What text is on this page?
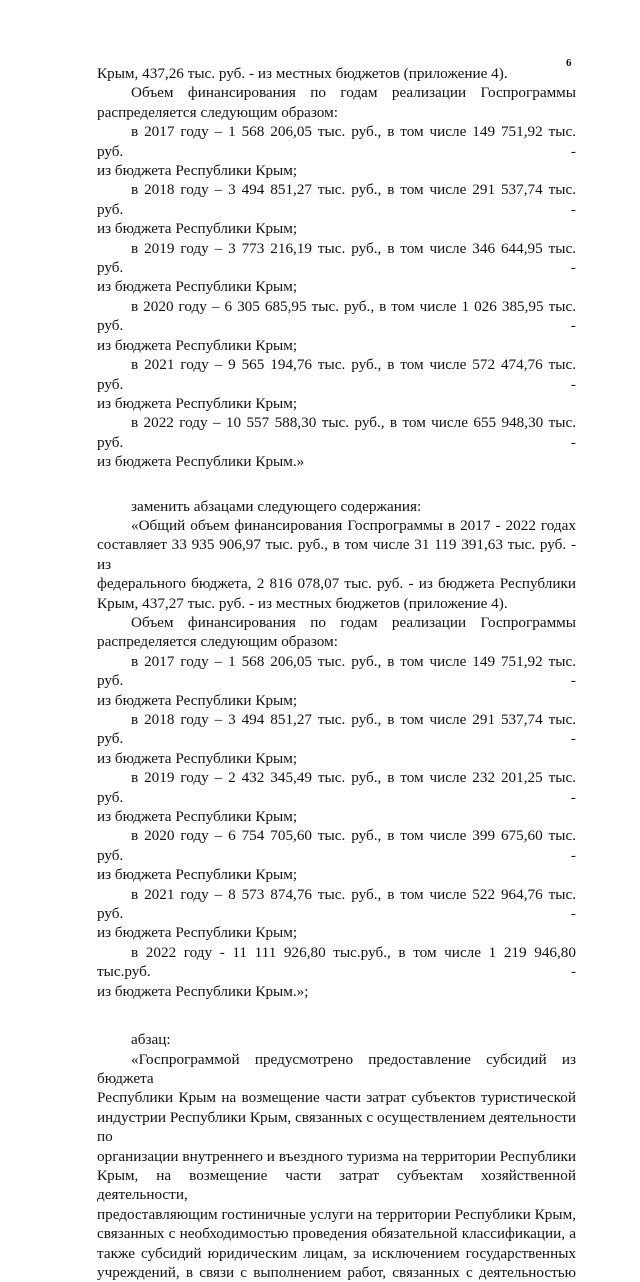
6

Крым, 437,26 тыс. руб. - из местных бюджетов (приложение 4).

Объем финансирования по годам реализации Госпрограммы

распределяется следующим образом:

в 2017 году – 1 568 206,05 тыс. руб., в том числе 149 751,92 тыс. руб. -

из бюджета Республики Крым;

в 2018 году – 3 494 851,27 тыс. руб., в том числе 291 537,74 тыс. руб. -

из бюджета Республики Крым;

в 2019 году – 3 773 216,19 тыс. руб., в том числе 346 644,95 тыс. руб. -

из бюджета Республики Крым;

в 2020 году – 6 305 685,95 тыс. руб., в том числе 1 026 385,95 тыс. руб. -

из бюджета Республики Крым;

в 2021 году – 9 565 194,76 тыс. руб., в том числе 572 474,76 тыс. руб. -

из бюджета Республики Крым;

в 2022 году – 10 557 588,30 тыс. руб., в том числе 655 948,30 тыс. руб. -

из бюджета Республики Крым.»

заменить абзацами следующего содержания:

«Общий объем финансирования Госпрограммы в 2017 - 2022 годах

составляет 33 935 906,97 тыс. руб., в том числе 31 119 391,63 тыс. руб. - из

федерального бюджета, 2 816 078,07 тыс. руб. - из бюджета Республики

Крым, 437,27 тыс. руб. - из местных бюджетов (приложение 4).

Объем финансирования по годам реализации Госпрограммы

распределяется следующим образом:

в 2017 году – 1 568 206,05 тыс. руб., в том числе 149 751,92 тыс. руб. -

из бюджета Республики Крым;

в 2018 году – 3 494 851,27 тыс. руб., в том числе 291 537,74 тыс. руб. -

из бюджета Республики Крым;

в 2019 году – 2 432 345,49 тыс. руб., в том числе 232 201,25 тыс. руб. -

из бюджета Республики Крым;

в 2020 году – 6 754 705,60 тыс. руб., в том числе 399 675,60 тыс. руб. -

из бюджета Республики Крым;

в 2021 году – 8 573 874,76 тыс. руб., в том числе 522 964,76 тыс. руб. -

из бюджета Республики Крым;

в 2022 году - 11 111 926,80 тыс.руб., в том числе 1 219 946,80 тыс.руб. -

из бюджета Республики Крым.»;

абзац:

«Госпрограммой предусмотрено предоставление субсидий из бюджета

Республики Крым на возмещение части затрат субъектов туристической

индустрии Республики Крым, связанных с осуществлением деятельности по

организации внутреннего и въездного туризма на территории Республики

Крым, на возмещение части затрат субъектам хозяйственной деятельности,

предоставляющим гостиничные услуги на территории Республики Крым,

связанных с необходимостью проведения обязательной классификации, а

также субсидий юридическим лицам, за исключением государственных

учреждений, в связи с выполнением работ, связанных с деятельностью
